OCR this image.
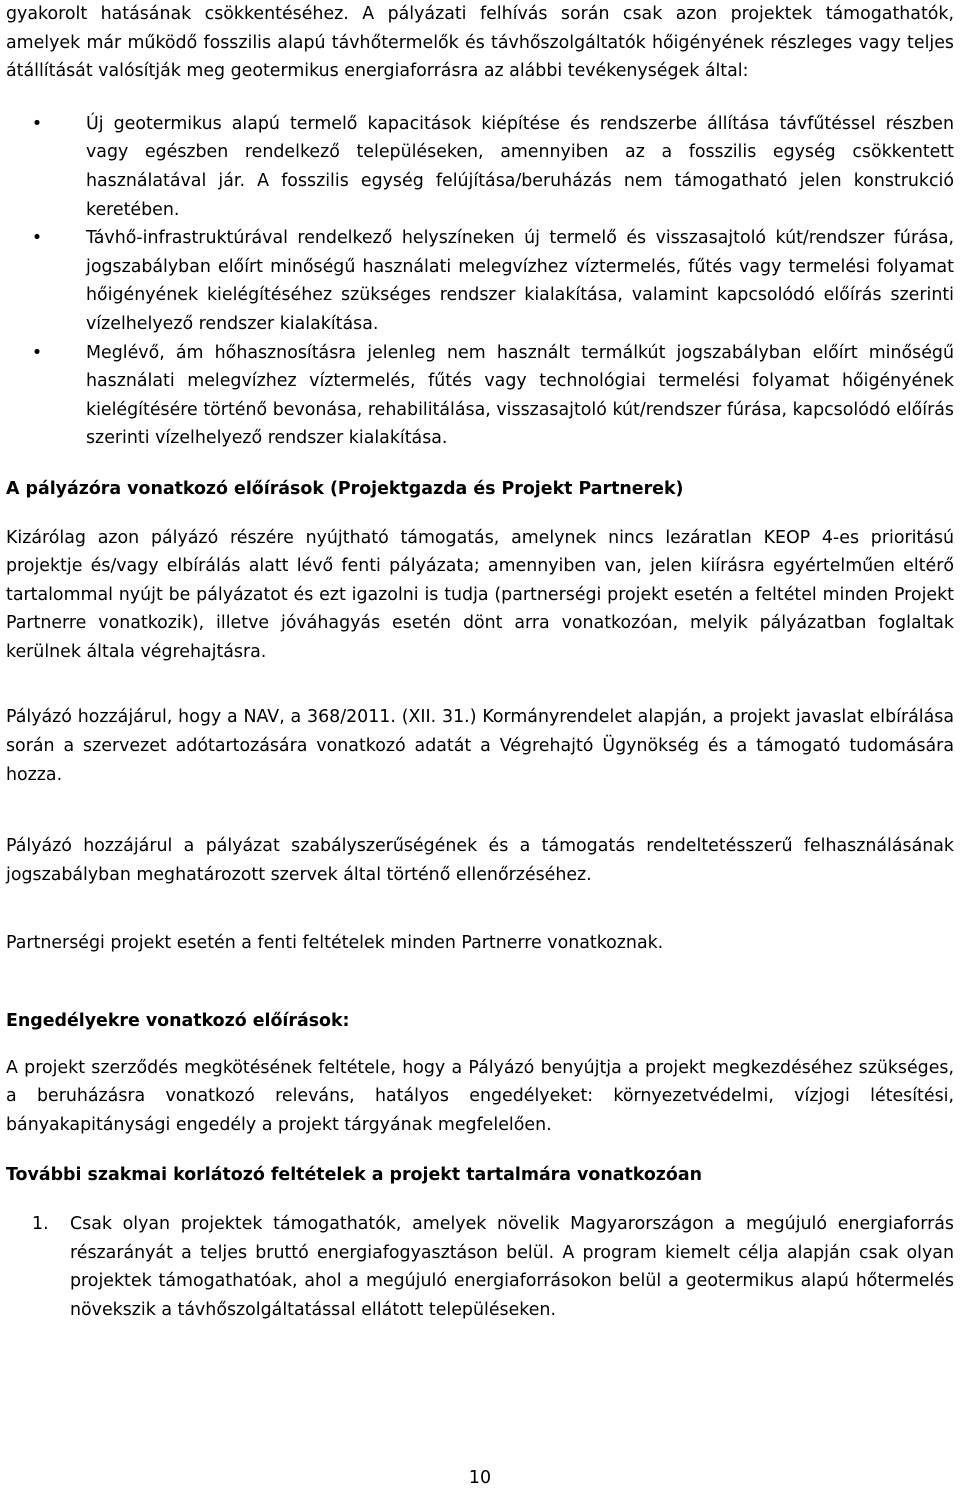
gyakorolt hatásának csökkentéséhez. A pályázati felhívás során csak azon projektek támogathatók, amelyek már működő fosszilis alapú távhőtermelők és távhőszolgáltatók hőigényének részleges vagy teljes átállítását valósítják meg geotermikus energiaforrásra az alábbi tevékenységek által:

•	Új geotermikus alapú termelő kapacitások kiépítése és rendszerbe állítása távfűtéssel részben vagy egészben rendelkező településeken, amennyiben az a fosszilis egység csökkentett használatával jár. A fosszilis egység felújítása/beruházás nem támogatható jelen konstrukció keretében.
•	Távhő-infrastruktúrával rendelkező helyszíneken új termelő és visszasajtoló kút/rendszer fúrása, jogszabályban előírt minőségű használati melegvízhez víztermelés, fűtés vagy termelési folyamat hőigényének kielégítéséhez szükséges rendszer kialakítása, valamint kapcsolódó előírás szerinti vízelhelyező rendszer kialakítása.
•	Meglévő, ám hőhasznosításra jelenleg nem használt termálkút jogszabályban előírt minőségű használati melegvízhez víztermelés, fűtés vagy technológiai termelési folyamat hőigényének kielégítésére történő bevonása, rehabilitálása, visszasajtoló kút/rendszer fúrása, kapcsolódó előírás szerinti vízelhelyező rendszer kialakítása.
A pályázóra vonatkozó előírások (Projektgazda és Projekt Partnerek)

Kizárólag azon pályázó részére nyújtható támogatás, amelynek nincs lezáratlan KEOP 4-es prioritású projektje és/vagy elbírálás alatt lévő fenti pályázata; amennyiben van, jelen kiírásra egyértelműen eltérő tartalommal nyújt be pályázatot és ezt igazolni is tudja (partnerségi projekt esetén a feltétel minden Projekt Partnerre vonatkozik), illetve jóváhagyás esetén dönt arra vonatkozóan, melyik pályázatban foglaltak kerülnek általa végrehajtásra.

Pályázó hozzájárul, hogy a NAV, a 368/2011. (XII. 31.) Kormányrendelet alapján, a projekt javaslat elbírálása során a szervezet adótartozására vonatkozó adatát a Végrehajtó Ügynökség és a támogató tudomására hozza.

Pályázó hozzájárul a pályázat szabályszerűségének és a támogatás rendeltetésszerű felhasználásának jogszabályban meghatározott szervek által történő ellenőrzéséhez.

Partnerségi projekt esetén a fenti feltételek minden Partnerre vonatkoznak.

Engedélyekre vonatkozó előírások:

A projekt szerződés megkötésének feltétele, hogy a Pályázó benyújtja a projekt megkezdéséhez szükséges, a beruházásra vonatkozó releváns, hatályos engedélyeket: környezetvédelmi, vízjogi létesítési, bányakapitánysági engedély a projekt tárgyának megfelelően.

További szakmai korlátozó feltételek a projekt tartalmára vonatkozóan
1. Csak olyan projektek támogathatók, amelyek növelik Magyarországon a megújuló energiaforrás részarányát a teljes bruttó energiafogyasztáson belül. A program kiemelt célja alapján csak olyan projektek támogathatóak, ahol a megújuló energiaforrásokon belül a geotermikus alapú hőtermelés növekszik a távhőszolgáltatással ellátott településeken.
10
